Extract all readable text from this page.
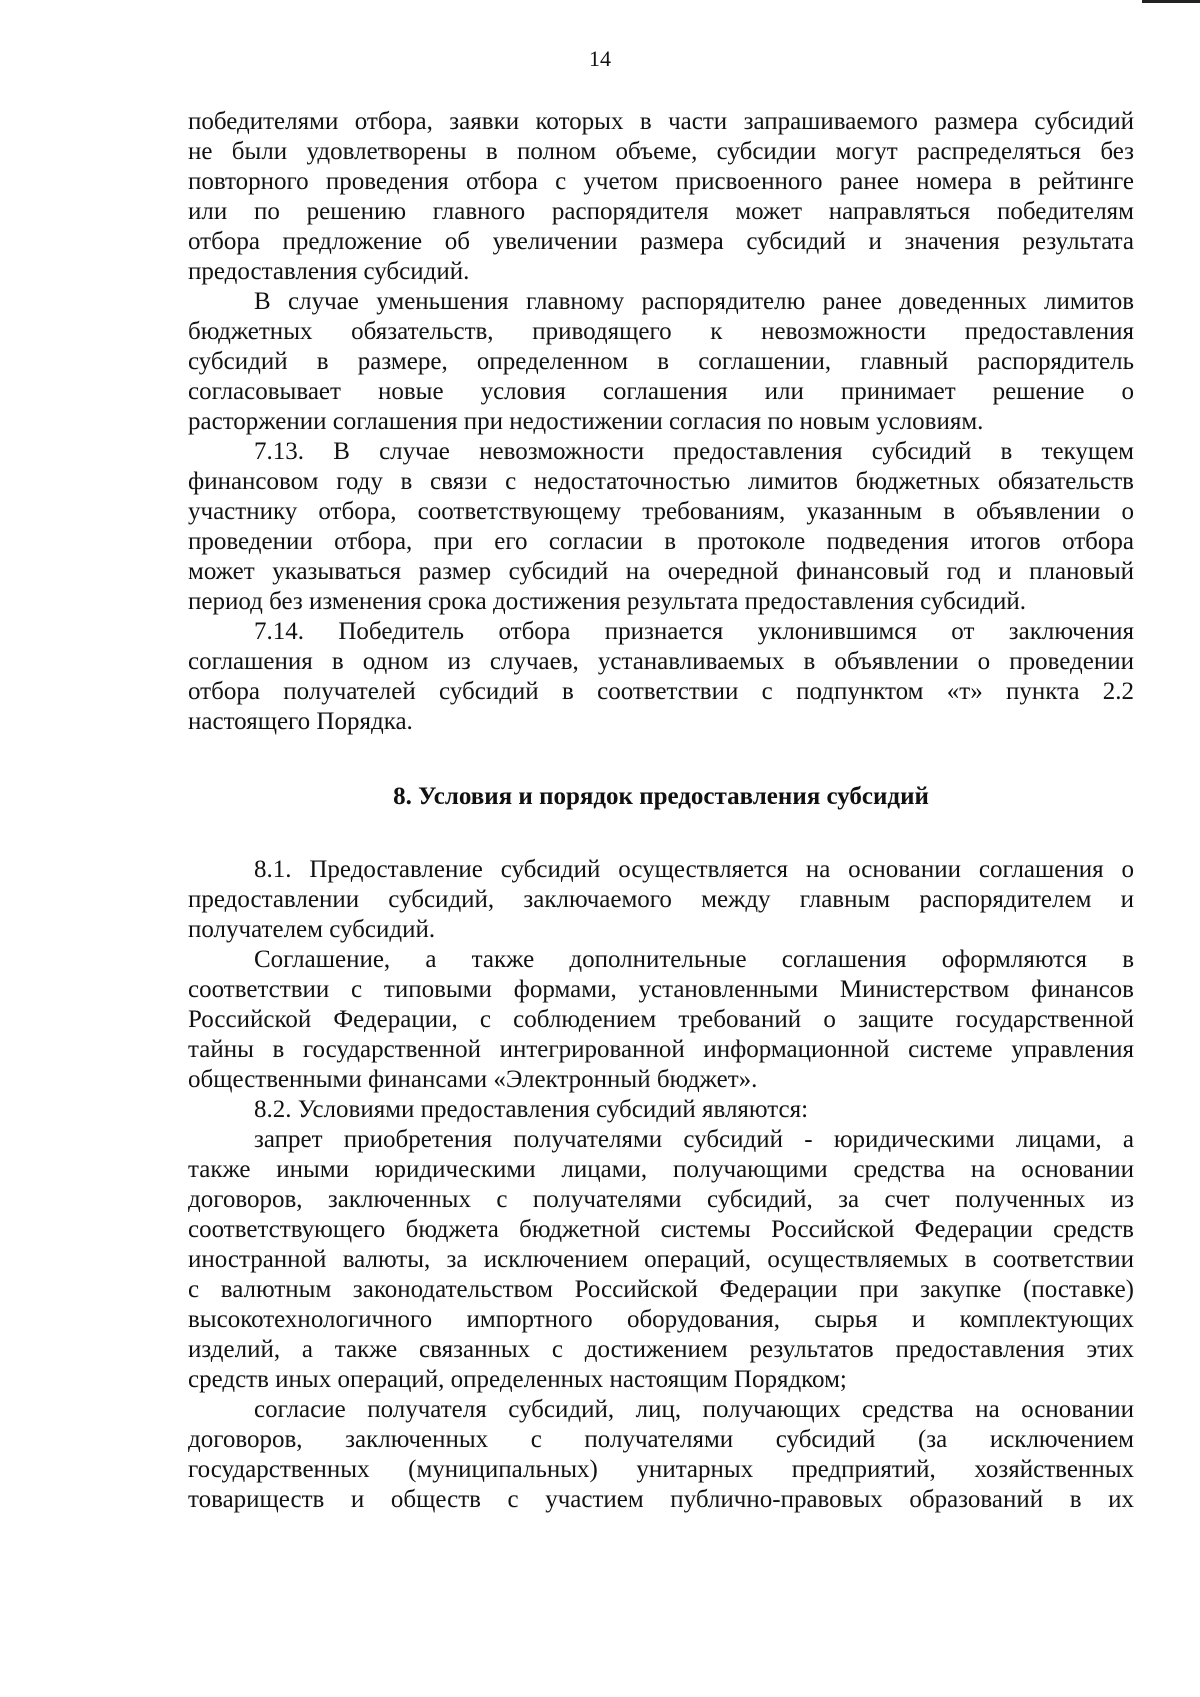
14
победителями отбора, заявки которых в части запрашиваемого размера субсидий
не были удовлетворены в полном объеме, субсидии могут распределяться без
повторного проведения отбора с учетом присвоенного ранее номера в рейтинге
или по решению главного распорядителя может направляться победителям
отбора предложение об увеличении размера субсидий и значения результата
предоставления субсидий.
В случае уменьшения главному распорядителю ранее доведенных лимитов
бюджетных обязательств, приводящего к невозможности предоставления
субсидий в размере, определенном в соглашении, главный распорядитель
согласовывает новые условия соглашения или принимает решение о
расторжении соглашения при недостижении согласия по новым условиям.
7.13. В случае невозможности предоставления субсидий в текущем
финансовом году в связи с недостаточностью лимитов бюджетных обязательств
участнику отбора, соответствующему требованиям, указанным в объявлении о
проведении отбора, при его согласии в протоколе подведения итогов отбора
может указываться размер субсидий на очередной финансовый год и плановый
период без изменения срока достижения результата предоставления субсидий.
7.14. Победитель отбора признается уклонившимся от заключения
соглашения в одном из случаев, устанавливаемых в объявлении о проведении
отбора получателей субсидий в соответствии с подпунктом «т» пункта 2.2
настоящего Порядка.
8. Условия и порядок предоставления субсидий
8.1. Предоставление субсидий осуществляется на основании соглашения о
предоставлении субсидий, заключаемого между главным распорядителем и
получателем субсидий.
Соглашение, а также дополнительные соглашения оформляются в
соответствии с типовыми формами, установленными Министерством финансов
Российской Федерации, с соблюдением требований о защите государственной
тайны в государственной интегрированной информационной системе управления
общественными финансами «Электронный бюджет».
8.2. Условиями предоставления субсидий являются:
запрет приобретения получателями субсидий - юридическими лицами, а
также иными юридическими лицами, получающими средства на основании
договоров, заключенных с получателями субсидий, за счет полученных из
соответствующего бюджета бюджетной системы Российской Федерации средств
иностранной валюты, за исключением операций, осуществляемых в соответствии
с валютным законодательством Российской Федерации при закупке (поставке)
высокотехнологичного импортного оборудования, сырья и комплектующих
изделий, а также связанных с достижением результатов предоставления этих
средств иных операций, определенных настоящим Порядком;
согласие получателя субсидий, лиц, получающих средства на основании
договоров, заключенных с получателями субсидий (за исключением
государственных (муниципальных) унитарных предприятий, хозяйственных
товариществ и обществ с участием публично-правовых образований в их
